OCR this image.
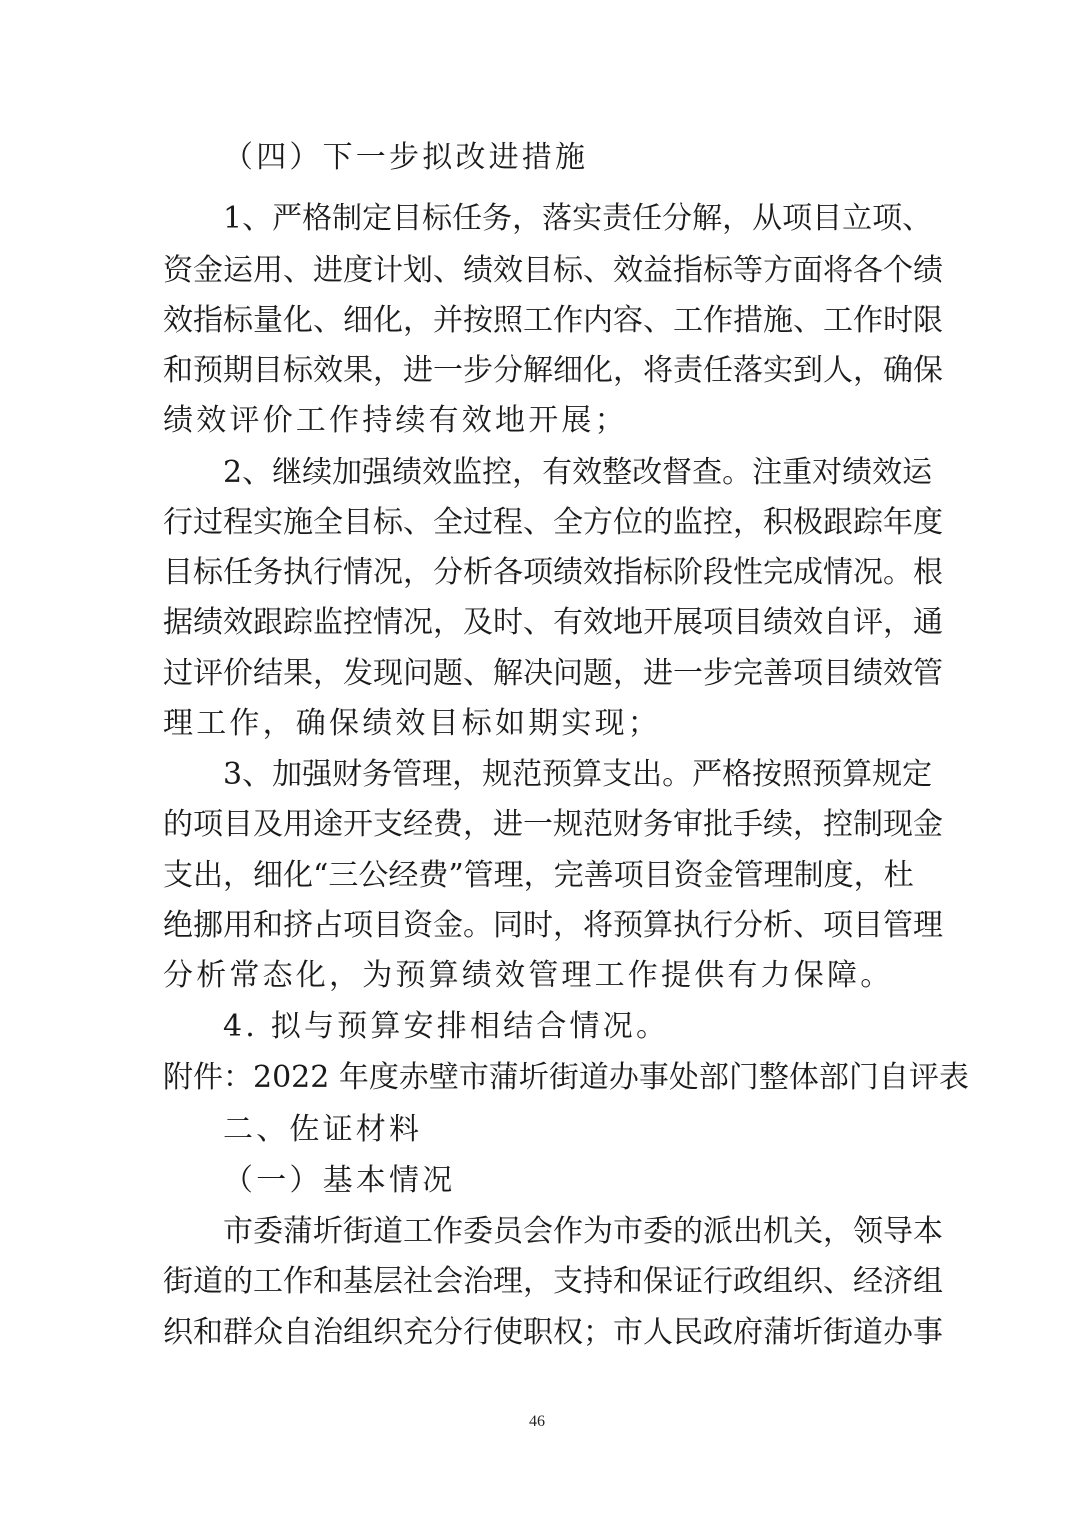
（四）下一步拟改进措施
1、严格制定目标任务，落实责任分解，从项目立项、
资金运用、进度计划、绩效目标、效益指标等方面将各个绩
效指标量化、细化，并按照工作内容、工作措施、工作时限
和预期目标效果，进一步分解细化，将责任落实到人，确保
绩效评价工作持续有效地开展；
2、继续加强绩效监控，有效整改督查。注重对绩效运
行过程实施全目标、全过程、全方位的监控，积极跟踪年度
目标任务执行情况，分析各项绩效指标阶段性完成情况。根
据绩效跟踪监控情况，及时、有效地开展项目绩效自评，通
过评价结果，发现问题、解决问题，进一步完善项目绩效管
理工作，确保绩效目标如期实现；
3、加强财务管理，规范预算支出。严格按照预算规定
的项目及用途开支经费，进一规范财务审批手续，控制现金
支出，细化“三公经费”管理，完善项目资金管理制度，杜
绝挪用和挤占项目资金。同时，将预算执行分析、项目管理
分析常态化，为预算绩效管理工作提供有力保障。
4. 拟与预算安排相结合情况。
附件：2022 年度赤壁市蒲圻街道办事处部门整体部门自评表
二、佐证材料
（一）基本情况
市委蒲圻街道工作委员会作为市委的派出机关，领导本
街道的工作和基层社会治理，支持和保证行政组织、经济组
织和群众自治组织充分行使职权；市人民政府蒲圻街道办事
46
